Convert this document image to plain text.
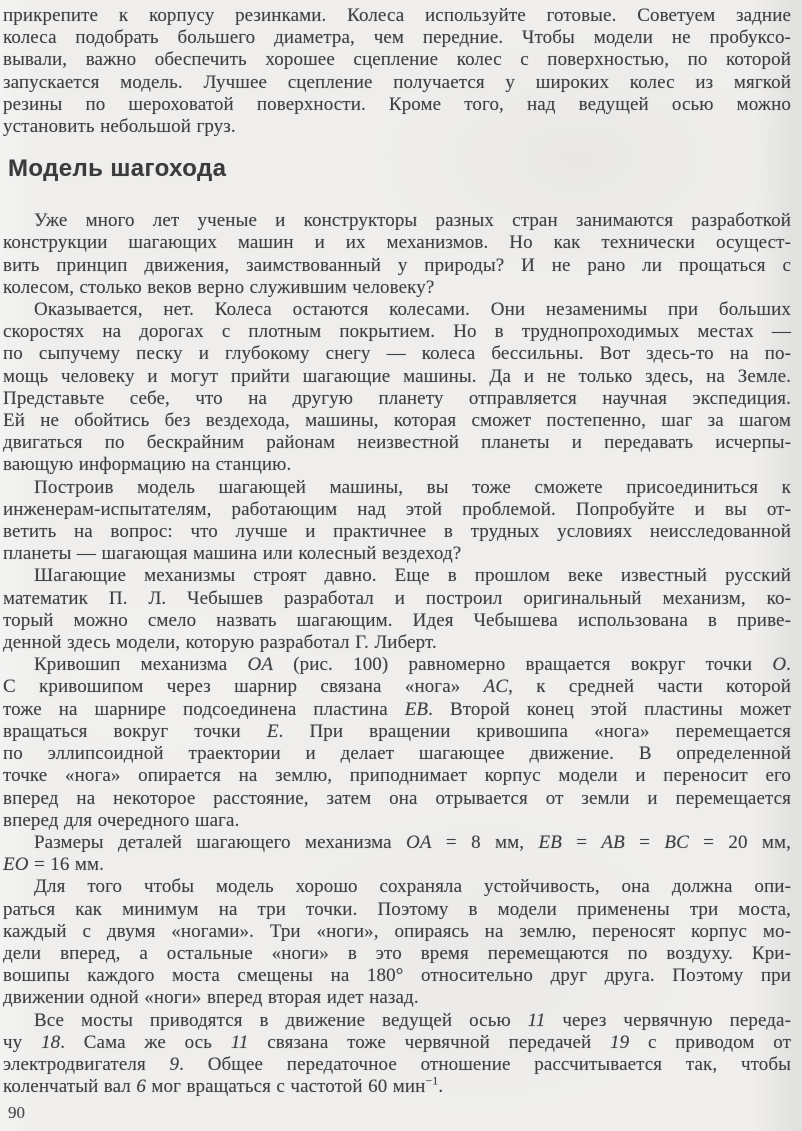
прикрепите к корпусу резинками. Колеса используйте готовые. Советуем задние
колеса подобрать большего диаметра, чем передние. Чтобы модели не пробуксо-
вывали, важно обеспечить хорошее сцепление колес с поверхностью, по которой
запускается модель. Лучшее сцепление получается у широких колес из мягкой
резины по шероховатой поверхности. Кроме того, над ведущей осью можно
установить небольшой груз.
Модель шагохода
Уже много лет ученые и конструкторы разных стран занимаются разработкой
конструкции шагающих машин и их механизмов. Но как технически осущест-
вить принцип движения, заимствованный у природы? И не рано ли прощаться с
колесом, столько веков верно служившим человеку?
Оказывается, нет. Колеса остаются колесами. Они незаменимы при больших
скоростях на дорогах с плотным покрытием. Но в труднопроходимых местах —
по сыпучему песку и глубокому снегу — колеса бессильны. Вот здесь-то на по-
мощь человеку и могут прийти шагающие машины. Да и не только здесь, на Земле.
Представьте себе, что на другую планету отправляется научная экспедиция.
Ей не обойтись без вездехода, машины, которая сможет постепенно, шаг за шагом
двигаться по бескрайним районам неизвестной планеты и передавать исчерпы-
вающую информацию на станцию.
Построив модель шагающей машины, вы тоже сможете присоединиться к
инженерам-испытателям, работающим над этой проблемой. Попробуйте и вы от-
ветить на вопрос: что лучше и практичнее в трудных условиях неисследованной
планеты — шагающая машина или колесный вездеход?
Шагающие механизмы строят давно. Еще в прошлом веке известный русский
математик П. Л. Чебышев разработал и построил оригинальный механизм, ко-
торый можно смело назвать шагающим. Идея Чебышева использована в приве-
денной здесь модели, которую разработал Г. Либерт.
Кривошип механизма OA (рис. 100) равномерно вращается вокруг точки O.
С кривошипом через шарнир связана «нога» AC, к средней части которой
тоже на шарнире подсоединена пластина EB. Второй конец этой пластины может
вращаться вокруг точки E. При вращении кривошипа «нога» перемещается
по эллипсоидной траектории и делает шагающее движение. В определенной
точке «нога» опирается на землю, приподнимает корпус модели и переносит его
вперед на некоторое расстояние, затем она отрывается от земли и перемещается
вперед для очередного шага.
Размеры деталей шагающего механизма OA = 8 мм, EB = AB = BC = 20 мм,
EO = 16 мм.
Для того чтобы модель хорошо сохраняла устойчивость, она должна опи-
раться как минимум на три точки. Поэтому в модели применены три моста,
каждый с двумя «ногами». Три «ноги», опираясь на землю, переносят корпус мо-
дели вперед, а остальные «ноги» в это время перемещаются по воздуху. Кри-
вошипы каждого моста смещены на 180° относительно друг друга. Поэтому при
движении одной «ноги» вперед вторая идет назад.
Все мосты приводятся в движение ведущей осью 11 через червячную переда-
чу 18. Сама же ось 11 связана тоже червячной передачей 19 с приводом от
электродвигателя 9. Общее передаточное отношение рассчитывается так, чтобы
коленчатый вал 6 мог вращаться с частотой 60 мин$^{-1}$.
90
